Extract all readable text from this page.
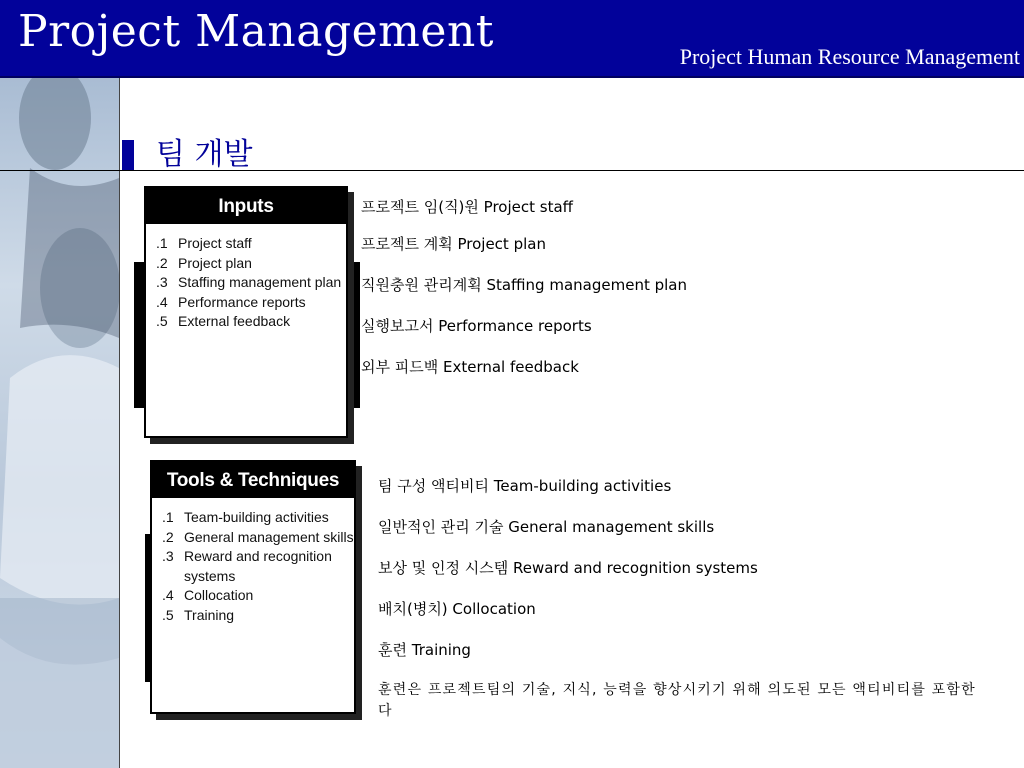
Project Management	Project Human Resource Management
팀 개발
Inputs
.1 Project staff
.2 Project plan
.3 Staffing management plan
.4 Performance reports
.5 External feedback
Tools & Techniques
.1 Team-building activities
.2 General management skills
.3 Reward and recognition systems
.4 Collocation
.5 Training
프로젝트 임(직)원 Project staff
프로젝트 계획 Project plan
직원충원 관리계획 Staffing management plan
실행보고서 Performance reports
외부 피드백 External feedback
팀 구성 액티비티 Team-building activities
일반적인 관리 기술 General management skills
보상 및 인정 시스템 Reward and recognition systems
배치(병치) Collocation
훈련 Training
훈련은 프로젝트팀의 기술, 지식, 능력을 향상시키기 위해 의도된 모든 액티비티를 포함한다
